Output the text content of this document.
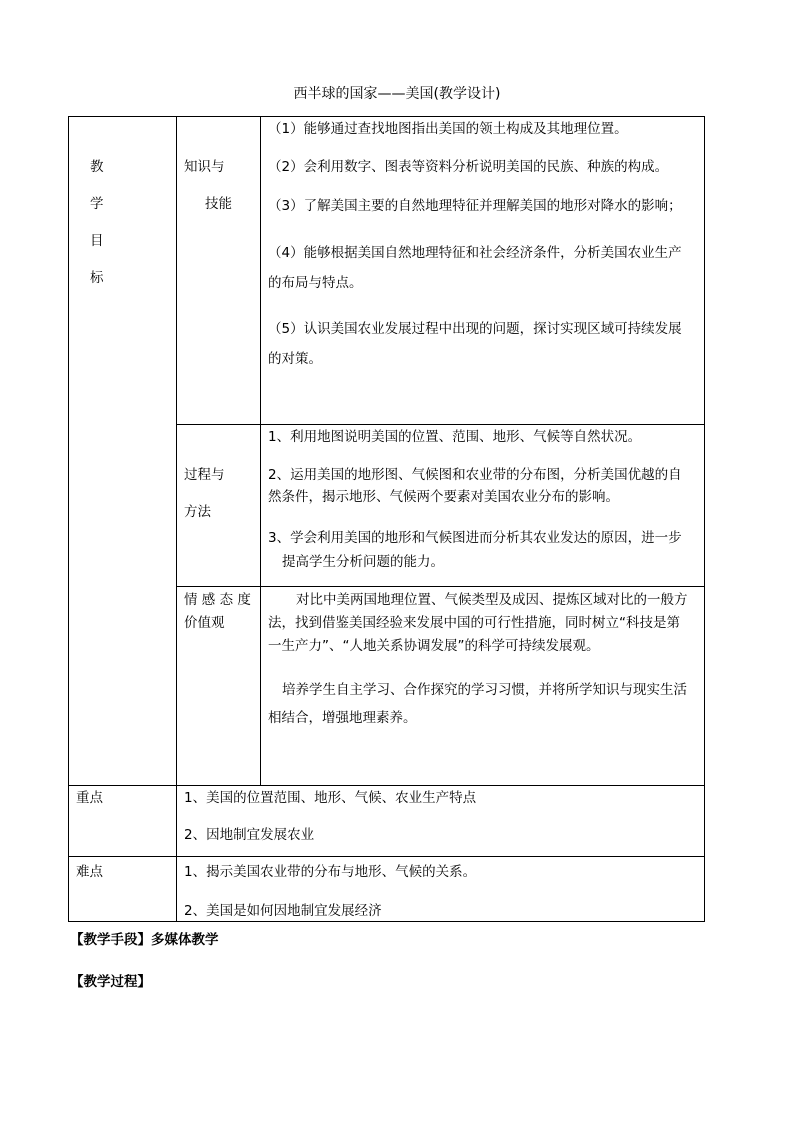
西半球的国家——美国(教学设计)
教
学
目
标
知识与
技能
（1）能够通过查找地图指出美国的领土构成及其地理位置。
（2）会利用数字、图表等资料分析说明美国的民族、种族的构成。
（3）了解美国主要的自然地理特征并理解美国的地形对降水的影响；
（4）能够根据美国自然地理特征和社会经济条件，分析美国农业生产
的布局与特点。
（5）认识美国农业发展过程中出现的问题，探讨实现区域可持续发展
的对策。
过程与
方法
1、利用地图说明美国的位置、范围、地形、气候等自然状况。
2、运用美国的地形图、气候图和农业带的分布图，分析美国优越的自
然条件，揭示地形、气候两个要素对美国农业分布的影响。
3、学会利用美国的地形和气候图进而分析其农业发达的原因，进一步
提高学生分析问题的能力。
情 感 态 度
价值观
对比中美两国地理位置、气候类型及成因、提炼区域对比的一般方
法，找到借鉴美国经验来发展中国的可行性措施，同时树立“科技是第
一生产力”、“人地关系协调发展”的科学可持续发展观。
培养学生自主学习、合作探究的学习习惯，并将所学知识与现实生活
相结合，增强地理素养。
重点	1、美国的位置范围、地形、气候、农业生产特点
2、因地制宜发展农业
难点	1、揭示美国农业带的分布与地形、气候的关系。
2、美国是如何因地制宜发展经济
【教学手段】多媒体教学
【教学过程】
